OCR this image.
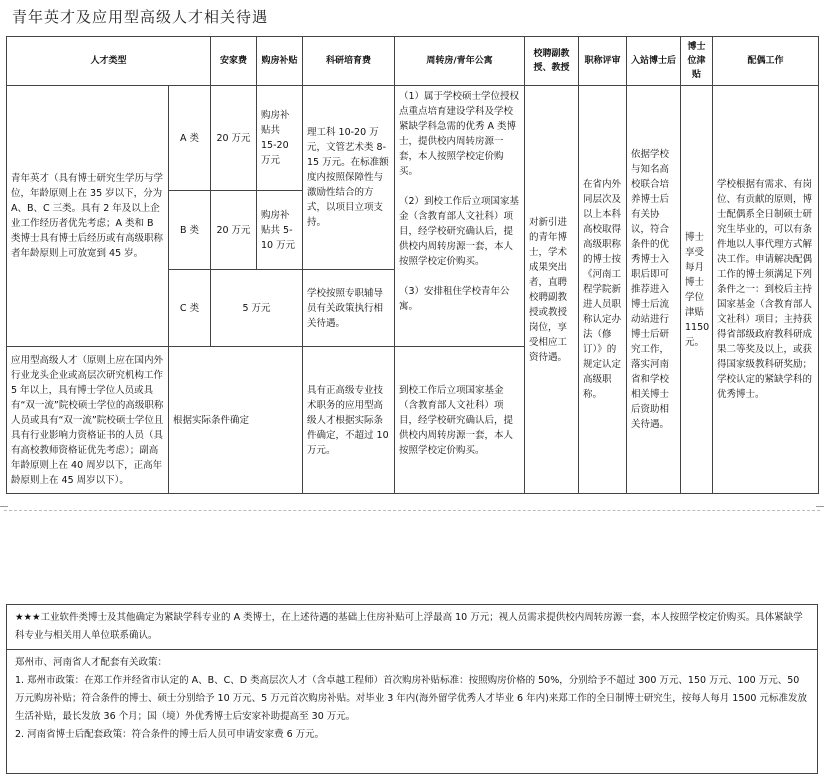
青年英才及应用型高级人才相关待遇
人才类型		安家费	购房补贴	科研培育费	周转房/青年公寓	校聘副教授、教授	职称评审	入站博士后	博士位津贴	配偶工作
青年英才（具有博士研究生学历与学位，年龄原则上在 35 岁以下，分为 A、B、C 三类。具有 2 年及以上企业工作经历者优先考虑；A 类和 B 类博士具有博士后经历或有高级职称者年龄原则上可放宽到 45 岁。	A 类	20 万元	购房补贴共 15-20 万元	理工科 10-20 万元，文管艺术类 8-15 万元。在标准额度内按照保障性与激励性结合的方式，以项目立项支持。	（1）属于学校硕士学位授权点重点培育建设学科及学校紧缺学科急需的优秀 A 类博士，提供校内周转房源一套，本人按照学校定价购买。

（2）到校工作后立项国家基金（含教育部人文社科）项目，经学校研究确认后，提供校内周转房源一套，本人按照学校定价购买。

（3）安排租住学校青年公寓。	对新引进的青年博士，学术成果突出者，直聘校聘副教授或教授岗位，享受相应工资待遇。	在省内外同层次及以上本科高校取得高级职称的博士按《河南工程学院新进人员职称认定办法（修订）》的规定认定高级职称。	依据学校与知名高校联合培养博士后有关协议，符合条件的优秀博士入职后即可推荐进入博士后流动站进行博士后研究工作，落实河南省和学校相关博士后资助相关待遇。	博士享受每月博士学位津贴 1150 元。	学校根据有需求、有岗位、有贡献的原则，博士配偶系全日制硕士研究生毕业的，可以有条件地以人事代理方式解决工作。申请解决配偶工作的博士须满足下列条件之一：到校后主持国家基金（含教育部人文社科）项目；主持获得省部级政府教科研成果二等奖及以上，或获得国家级教科研奖励；学校认定的紧缺学科的优秀博士。
	B 类	20 万元	购房补贴共 5-10 万元							
	C 类	5 万元		学校按照专职辅导员有关政策执行相关待遇。						
应用型高级人才（原则上应在国内外行业龙头企业或高层次研究机构工作 5 年以上，具有博士学位人员或具有“双一流”院校硕士学位的高级职称人员或具有“双一流”院校硕士学位且具有行业影响力资格证书的人员（具有高校教师资格证优先考虑）；副高年龄原则上在 40 周岁以下，正高年龄原则上在 45 周岁以下）。	根据实际条件确定			具有正高级专业技术职务的应用型高级人才根据实际条件确定，不超过 10 万元。	到校工作后立项国家基金（含教育部人文社科）项目，经学校研究确认后，提供校内周转房源一套，本人按照学校定价购买。					
★★★工业软件类博士及其他确定为紧缺学科专业的 A 类博士，在上述待遇的基础上住房补贴可上浮最高 10 万元；视人员需求提供校内周转房源一套，本人按照学校定价购买。具体紧缺学科专业与相关用人单位联系确认。

郑州市、河南省人才配套有关政策：

1. 郑州市政策：在郑工作并经省市认定的 A、B、C、D 类高层次人才（含卓越工程师）首次购房补贴标准：按照购房价格的 50%，分别给予不超过 300 万元、150 万元、100 万元、50 万元购房补贴；符合条件的博士、硕士分别给予 10 万元、5 万元首次购房补贴。对毕业 3 年内(海外留学优秀人才毕业 6 年内)来郑工作的全日制博士研究生，按每人每月 1500 元标准发放生活补贴，最长发放 36 个月；国（境）外优秀博士后安家补助提高至 30 万元。

2. 河南省博士后配套政策：符合条件的博士后人员可申请安家费 6 万元。
